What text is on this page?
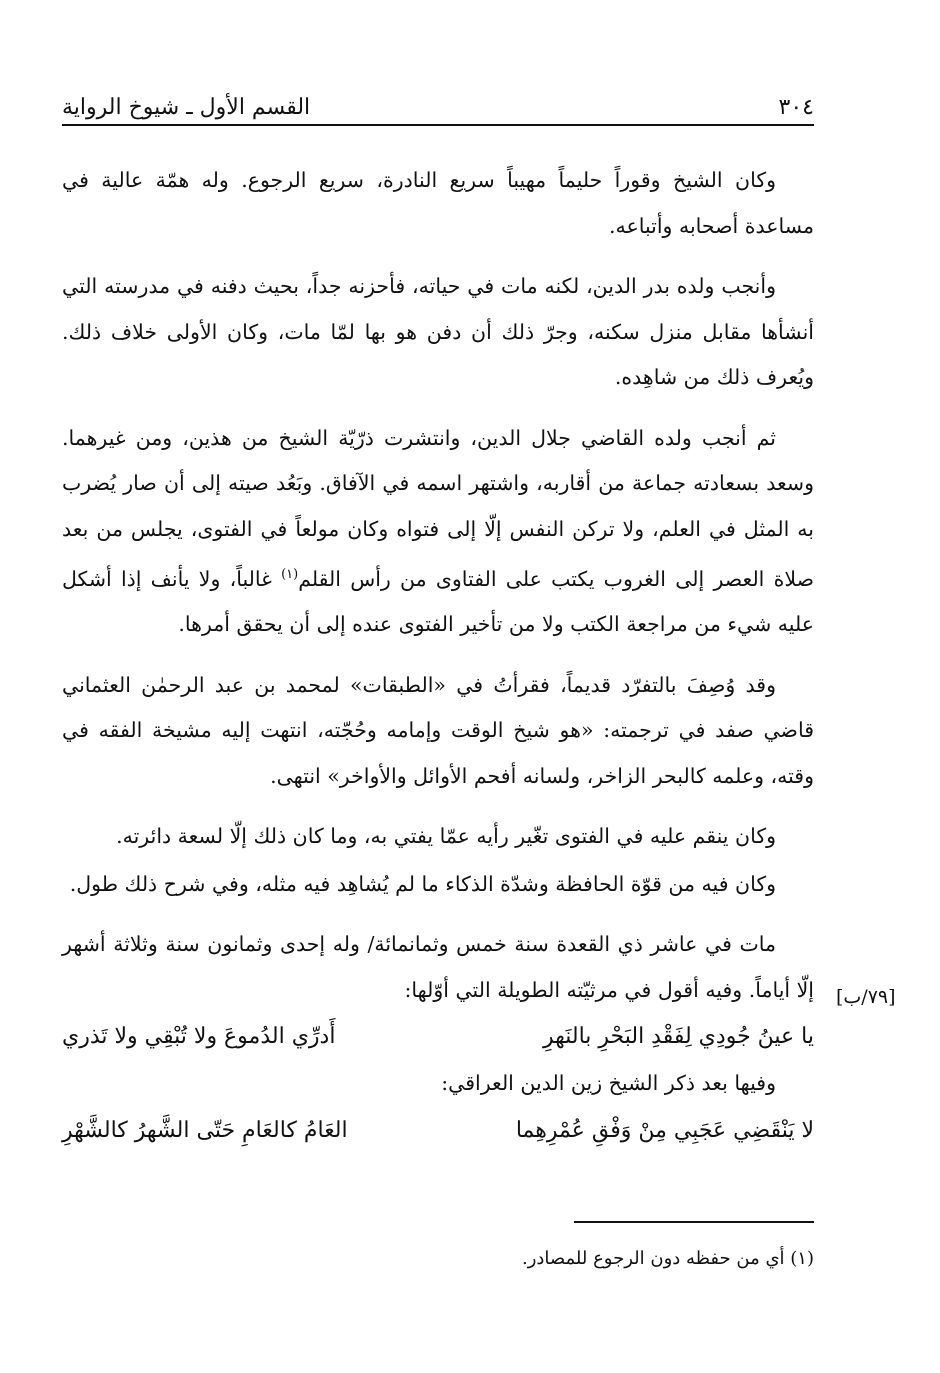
٣٠٤
القسم الأول ـ شيوخ الرواية
[٧٩/ب]

وكان الشيخ وقوراً حليماً مهيباً سريع النادرة، سريع الرجوع. وله همّة عالية في مساعدة أصحابه وأتباعه.

وأنجب ولده بدر الدين، لكنه مات في حياته، فأحزنه جداً، بحيث دفنه في مدرسته التي أنشأها مقابل منزل سكنه، وجرّ ذلك أن دفن هو بها لمّا مات، وكان الأولى خلاف ذلك. ويُعرف ذلك من شاهِده.

ثم أنجب ولده القاضي جلال الدين، وانتشرت ذرّيّة الشيخ من هذين، ومن غيرهما. وسعد بسعادته جماعة من أقاربه، واشتهر اسمه في الآفاق. وبَعُد صيته إلى أن صار يُضرب به المثل في العلم، ولا تركن النفس إلّا إلى فتواه وكان مولعاً في الفتوى، يجلس من بعد صلاة العصر إلى الغروب يكتب على الفتاوى من رأس القلم$^{(١)}$ غالباً، ولا يأنف إذا أشكل عليه شيء من مراجعة الكتب ولا من تأخير الفتوى عنده إلى أن يحقق أمرها.

وقد وُصِفَ بالتفرّد قديماً، فقرأتُ في «الطبقات» لمحمد بن عبد الرحمٰن العثماني قاضي صفد في ترجمته: «هو شيخ الوقت وإمامه وحُجّته، انتهت إليه مشيخة الفقه في وقته، وعلمه كالبحر الزاخر، ولسانه أفحم الأوائل والأواخر» انتهى.

وكان ينقم عليه في الفتوى تغّير رأيه عمّا يفتي به، وما كان ذلك إلّا لسعة دائرته.

وكان فيه من قوّة الحافظة وشدّة الذكاء ما لم يُشاهِد فيه مثله، وفي شرح ذلك طول.

مات في عاشر ذي القعدة سنة خمس وثمانمائة/ وله إحدى وثمانون سنة وثلاثة أشهر إلّا أياماً. وفيه أقول في مرثيّته الطويلة التي أوّلها:

يا عينُ جُودِي لِفَقْدِ البَحْرِ بالنَهرِ
أَدرِّي الدُموعَ ولا تُبْقِي ولا تَذري

وفيها بعد ذكر الشيخ زين الدين العراقي:

لا يَنْقَضِي عَجَبِي مِنْ وَفْقِ عُمْرِهِما
العَامُ كالعَامِ حَتّى الشَّهرُ كالشَّهْرِ
(١) أي من حفظه دون الرجوع للمصادر.
